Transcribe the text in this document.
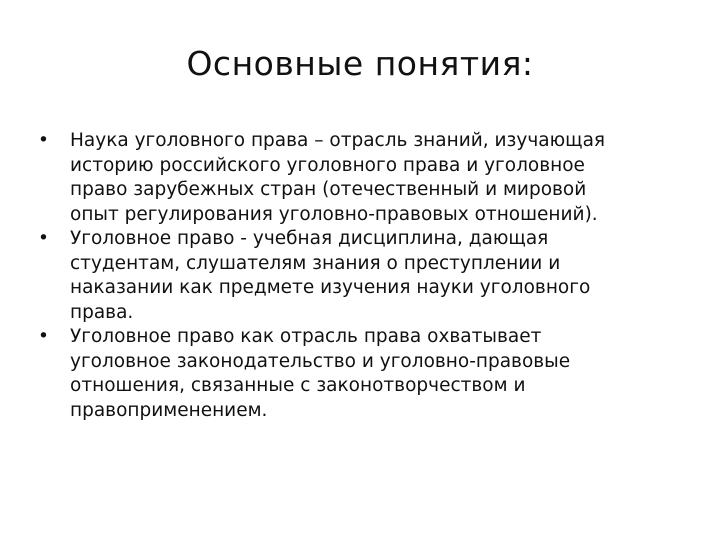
Основные понятия:
• Наука уголовного права – отрасль знаний, изучающая
историю российского уголовного права и уголовное
право зарубежных стран (отечественный и мировой
опыт регулирования уголовно-правовых отношений).
• Уголовное право - учебная дисциплина, дающая
студентам, слушателям знания о преступлении и
наказании как предмете изучения науки уголовного
права.
• Уголовное право как отрасль права охватывает
уголовное законодательство и уголовно-правовые
отношения, связанные с законотворчеством и
правоприменением.
